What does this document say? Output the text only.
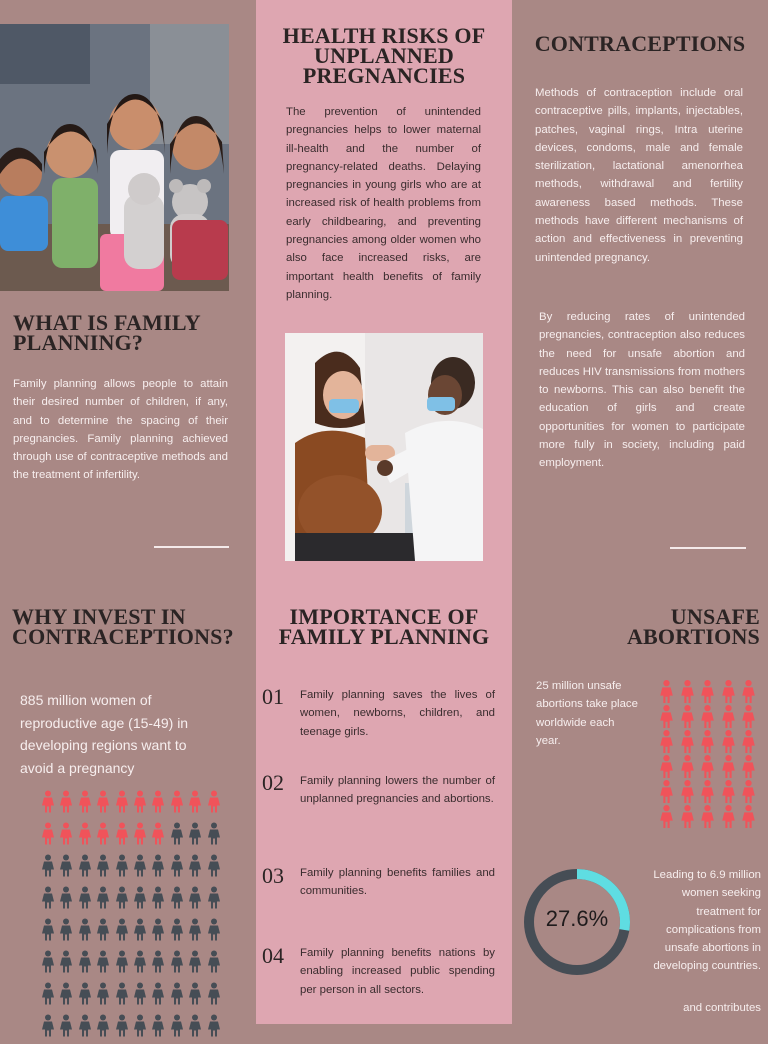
WHAT IS FAMILY PLANNING?

Family planning allows people to attain their desired number of children, if any, and to determine the spacing of their pregnancies. Family planning achieved through use of contraceptive methods and the treatment of infertility.

WHY INVEST IN CONTRACEPTIONS?

885 million women of reproductive age (15-49) in developing regions want to avoid a pregnancy

HEALTH RISKS OF UNPLANNED PREGNANCIES

The prevention of unintended pregnancies helps to lower maternal ill-health and the number of pregnancy-related deaths. Delaying pregnancies in young girls who are at increased risk of health problems from early childbearing, and preventing pregnancies among older women who also face increased risks, are important health benefits of family planning.

IMPORTANCE OF FAMILY PLANNING
01 Family planning saves the lives of women, newborns, children, and teenage girls.

02 Family planning lowers the number of unplanned pregnancies and abortions.

03 Family planning benefits families and communities.

04 Family planning benefits nations by enabling increased public spending per person in all sectors.

CONTRACEPTIONS

Methods of contraception include oral contraceptive pills, implants, injectables, patches, vaginal rings, Intra uterine devices, condoms, male and female sterilization, lactational amenorrhea methods, withdrawal and fertility awareness based methods. These methods have different mechanisms of action and effectiveness in preventing unintended pregnancy.

By reducing rates of unintended pregnancies, contraception also reduces the need for unsafe abortion and reduces HIV transmissions from mothers to newborns. This can also benefit the education of girls and create opportunities for women to participate more fully in society, including paid employment.

UNSAFE ABORTIONS

25 million unsafe abortions take place worldwide each year.

27.6%

Leading to 6.9 million women seeking treatment for complications from unsafe abortions in developing countries.

and contributes
